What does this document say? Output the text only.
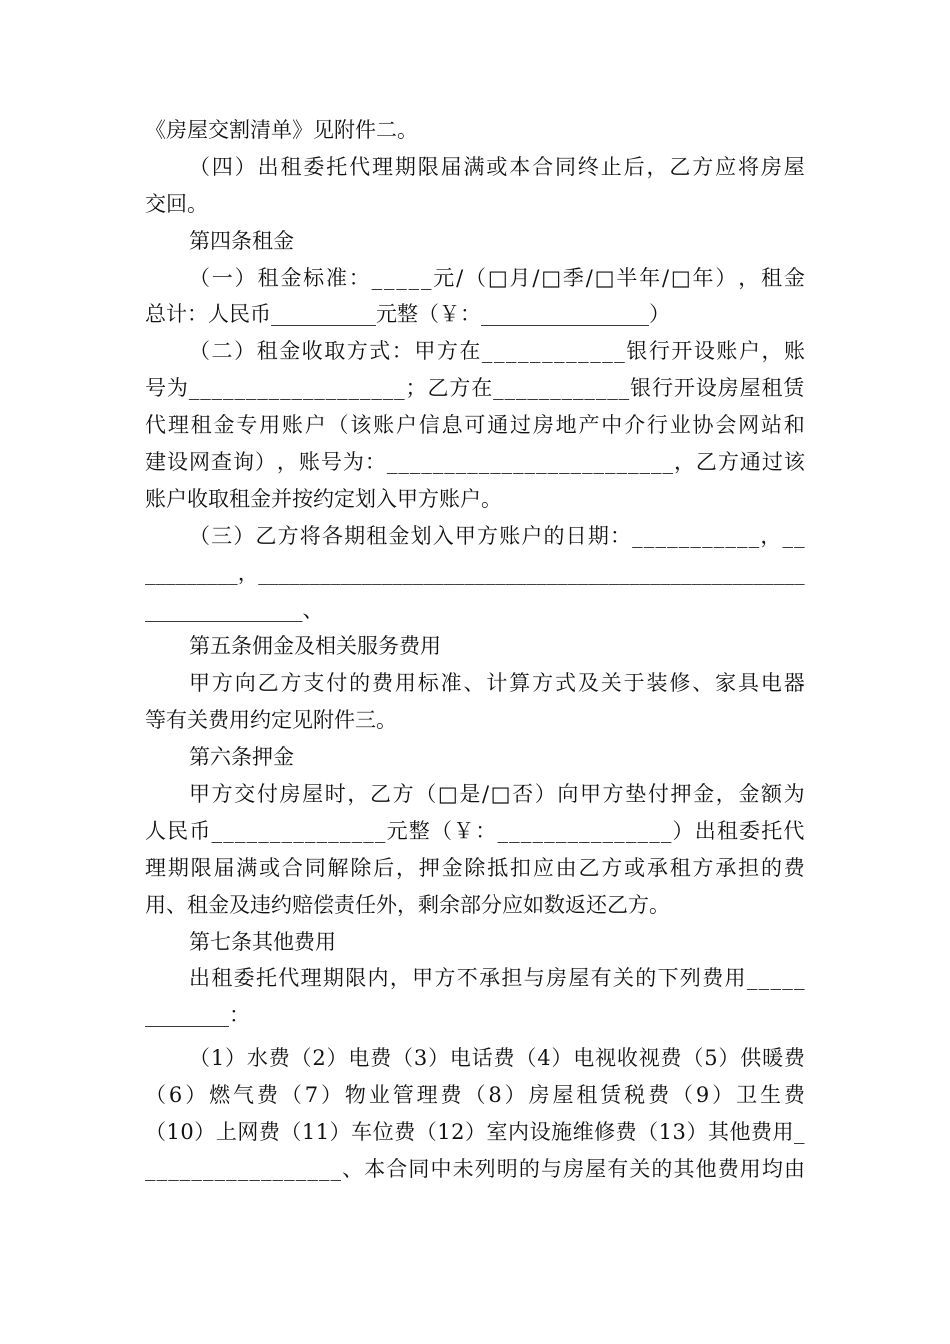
《房屋交割清单》见附件二。
（ 四 ） 出 租 委 托 代 理 期 限 届 满 或 本 合 同 终 止 后 ， 乙 方 应 将 房 屋
交回。
第四条租金
（ 一 ） 租 金 标 准 ： _ _ _ _ _ 元 / （ □ 月 / □ 季 / □ 半 年 / □ 年 ） ， 租 金
总计：人民币__________元整（￥：________________）
（ 二 ） 租 金 收 取 方 式 ： 甲 方 在 _ _ _ _ _ _ _ _ _ _ _ _ 银 行 开 设 账 户 ， 账
号 为 _ _ _ _ _ _ _ _ _ _ _ _ _ _ _ _ _ _ _ ； 乙 方 在 _ _ _ _ _ _ _ _ _ _ _ _ 银 行 开 设 房 屋 租 赁
代 理 租 金 专 用 账 户 （ 该 账 户 信 息 可 通 过 房 地 产 中 介 行 业 协 会 网 站 和
建 设 网 查 询 ） ， 账 号 为 ： _ _ _ _ _ _ _ _ _ _ _ _ _ _ _ _ _ _ _ _ _ _ _ _ _ ， 乙 方 通 过 该
账户收取租金并按约定划入甲方账户。
（ 三 ） 乙 方 将 各 期 租 金 划 入 甲 方 账 户 的 日 期 ： _ _ _ _ _ _ _ _ _ _ _ ， _ _
_ _ _ _ _ _ _ _ _ ， _ _ _ _ _ _ _ _ _ _ _ _ _ _ _ _ _ _ _ _ _ _ _ _ _ _ _ _ _ _ _ _ _ _ _ _ _ _ _ _ _ _ _ _ _ _ _ _ _ _ _ _ _
_______________、
第五条佣金及相关服务费用
甲 方 向 乙 方 支 付 的 费 用 标 准 、 计 算 方 式 及 关 于 装 修 、 家 具 电 器
等有关费用约定见附件三。
第六条押金
甲 方 交 付 房 屋 时 ， 乙 方 （ □ 是 / □ 否 ） 向 甲 方 垫 付 押 金 ， 金 额 为
人 民 币 _ _ _ _ _ _ _ _ _ _ _ _ _ _ _ 元 整 （ ￥ ： _ _ _ _ _ _ _ _ _ _ _ _ _ _ _ ） 出 租 委 托 代
理 期 限 届 满 或 合 同 解 除 后 ， 押 金 除 抵 扣 应 由 乙 方 或 承 租 方 承 担 的 费
用、租金及违约赔偿责任外，剩余部分应如数返还乙方。
第七条其他费用
出 租 委 托 代 理 期 限 内 ， 甲 方 不 承 担 与 房 屋 有 关 的 下 列 费 用 _ _ _ _ _
________：
（ 1 ） 水 费 （ 2 ） 电 费 （ 3 ） 电 话 费 （ 4 ） 电 视 收 视 费 （ 5 ） 供 暖 费
（ 6 ） 燃 气 费 （ 7 ） 物 业 管 理 费 （ 8 ） 房 屋 租 赁 税 费 （ 9 ） 卫 生 费
（ 1 0 ） 上 网 费 （ 1 1 ） 车 位 费 （ 1 2 ） 室 内 设 施 维 修 费 （ 1 3 ） 其 他 费 用 _
_ _ _ _ _ _ _ _ _ _ _ _ _ _ _ _ _ 、 本 合 同 中 未 列 明 的 与 房 屋 有 关 的 其 他 费 用 均 由
